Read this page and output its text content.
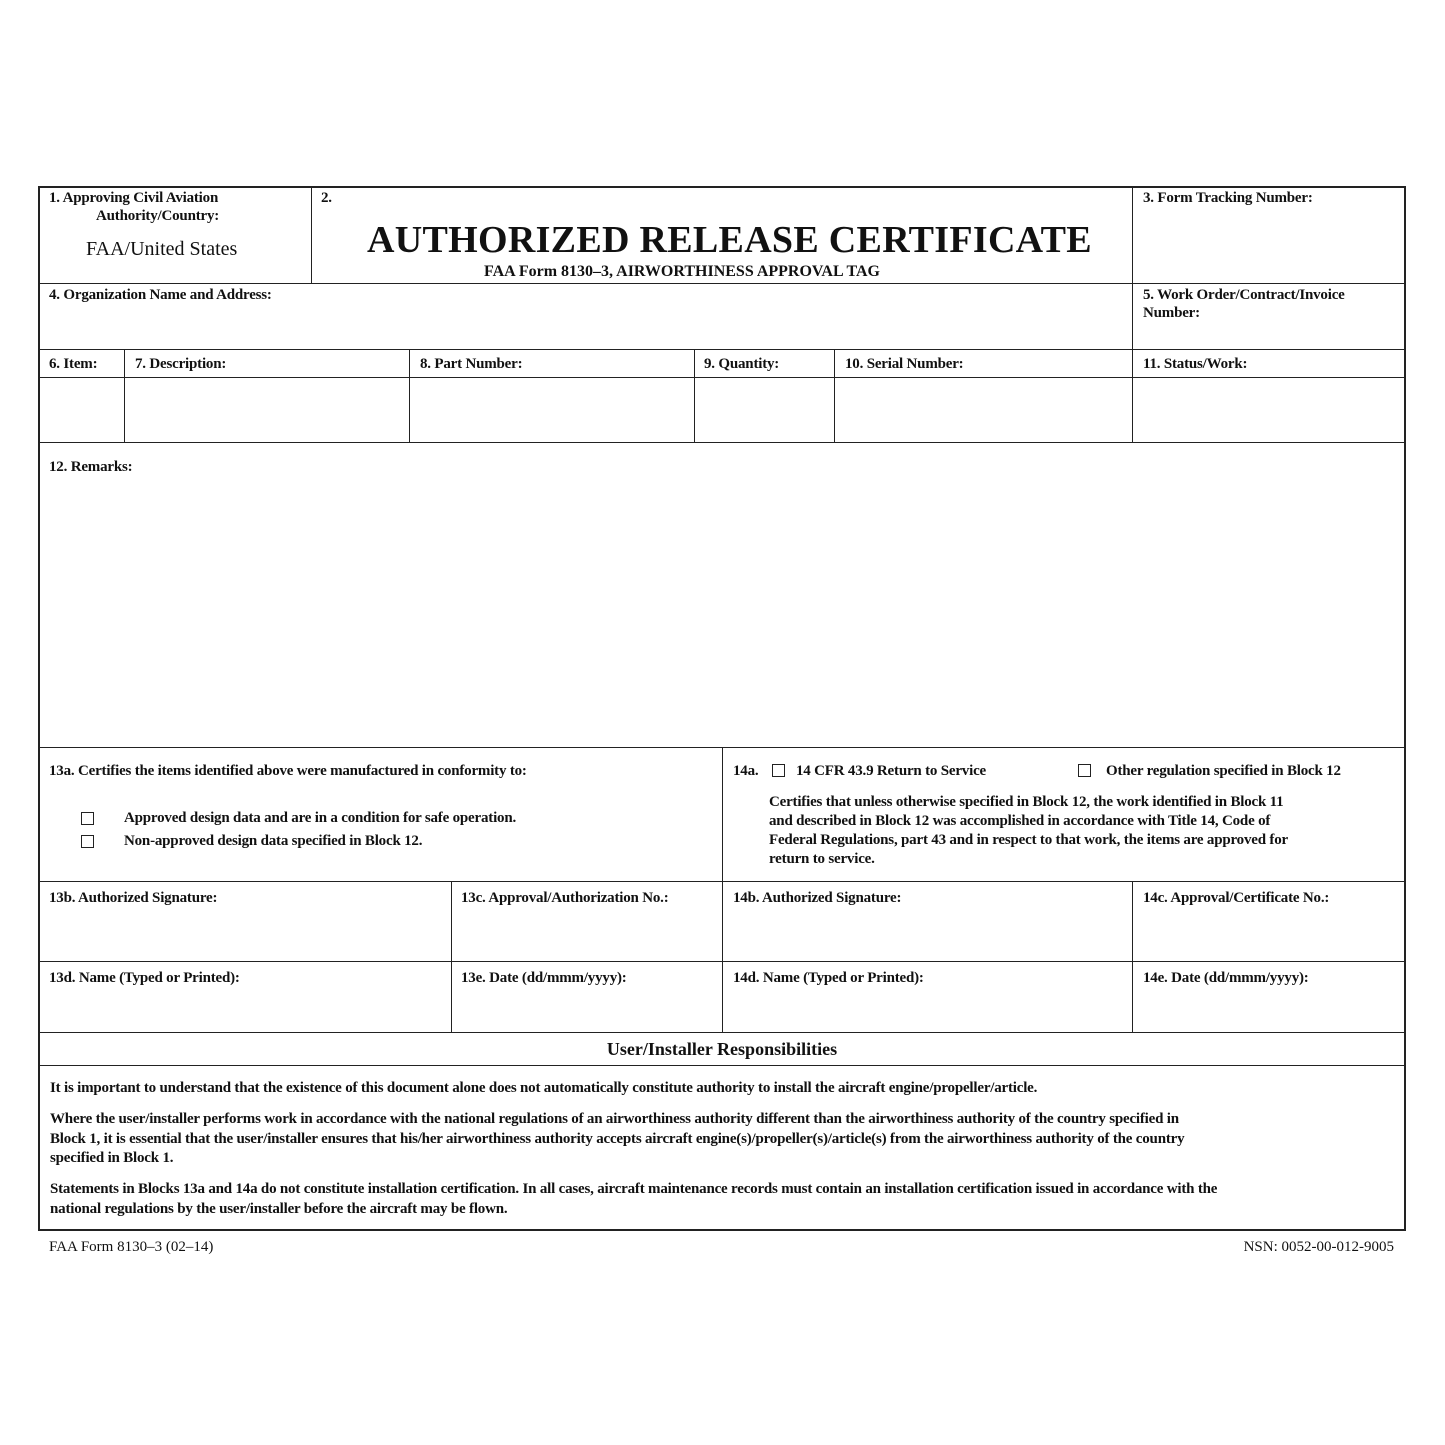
1. Approving Civil Aviation
Authority/Country:
FAA/United States
2.
AUTHORIZED RELEASE CERTIFICATE
FAA Form 8130–3, AIRWORTHINESS APPROVAL TAG
3. Form Tracking Number:
4. Organization Name and Address:	5. Work Order/Contract/Invoice
Number:
6. Item:	7. Description:	8. Part Number:	9. Quantity:	10. Serial Number:	11. Status/Work:
12. Remarks:
13a. Certifies the items identified above were manufactured in conformity to:
Approved design data and are in a condition for safe operation.
Non-approved design data specified in Block 12.
14a.	14 CFR 43.9 Return to Service	Other regulation specified in Block 12
Certifies that unless otherwise specified in Block 12, the work identified in Block 11
and described in Block 12 was accomplished in accordance with Title 14, Code of
Federal Regulations, part 43 and in respect to that work, the items are approved for
return to service.
13b. Authorized Signature:	13c. Approval/Authorization No.:	14b. Authorized Signature:	14c. Approval/Certificate No.:
13d. Name (Typed or Printed):	13e. Date (dd/mmm/yyyy):	14d. Name (Typed or Printed):	14e. Date (dd/mmm/yyyy):
User/Installer Responsibilities
It is important to understand that the existence of this document alone does not automatically constitute authority to install the aircraft engine/propeller/article.
Where the user/installer performs work in accordance with the national regulations of an airworthiness authority different than the airworthiness authority of the country specified in
Block 1, it is essential that the user/installer ensures that his/her airworthiness authority accepts aircraft engine(s)/propeller(s)/article(s) from the airworthiness authority of the country
specified in Block 1.
Statements in Blocks 13a and 14a do not constitute installation certification. In all cases, aircraft maintenance records must contain an installation certification issued in accordance with the
national regulations by the user/installer before the aircraft may be flown.
FAA Form 8130–3 (02–14)	NSN: 0052-00-012-9005
